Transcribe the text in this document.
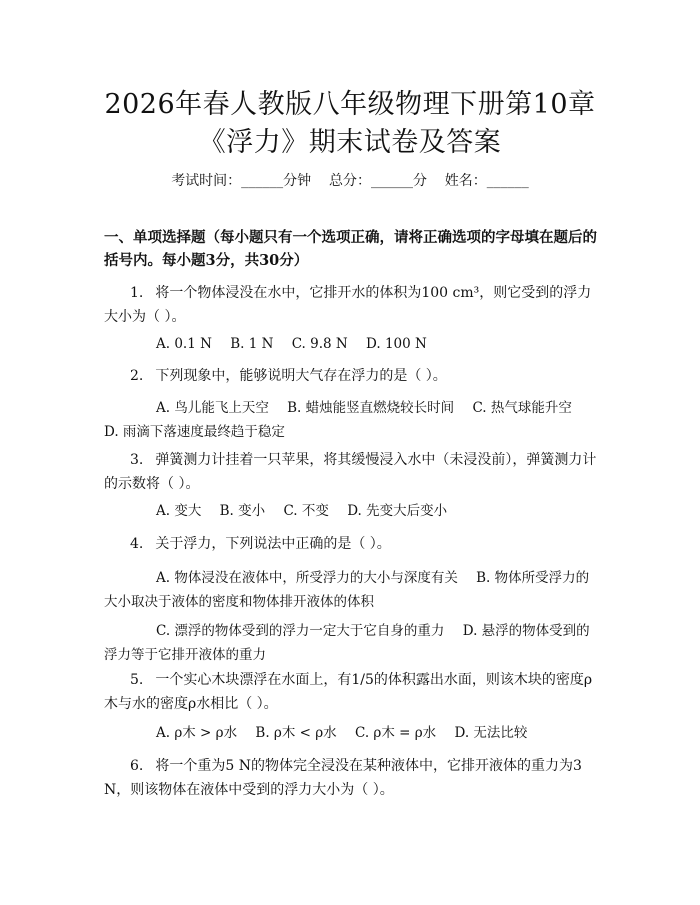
2026年春人教版八年级物理下册第10章
《浮力》期末试卷及答案
考试时间：______分钟    总分：______分    姓名：______

一、单项选择题（每小题只有一个选项正确，请将正确选项的字母填在题后的括号内。每小题3分，共30分）

1. 将一个物体浸没在水中，它排开水的体积为100 cm³，则它受到的浮力大小为（ ）。

A. 0.1 N B. 1 N C. 9.8 N D. 100 N

2. 下列现象中，能够说明大气存在浮力的是（ ）。

A. 鸟儿能飞上天空 B. 蜡烛能竖直燃烧较长时间 C. 热气球能升空 D. 雨滴下落速度最终趋于稳定

3. 弹簧测力计挂着一只苹果，将其缓慢浸入水中（未浸没前），弹簧测力计的示数将（ ）。

A. 变大 B. 变小 C. 不变 D. 先变大后变小

4. 关于浮力，下列说法中正确的是（ ）。

A. 物体浸没在液体中，所受浮力的大小与深度有关 B. 物体所受浮力的大小取决于液体的密度和物体排开液体的体积

C. 漂浮的物体受到的浮力一定大于它自身的重力 D. 悬浮的物体受到的浮力等于它排开液体的重力

5. 一个实心木块漂浮在水面上，有1/5的体积露出水面，则该木块的密度ρ木与水的密度ρ水相比（ ）。

A. ρ木 > ρ水 B. ρ木 < ρ水 C. ρ木 = ρ水 D. 无法比较

6. 将一个重为5 N的物体完全浸没在某种液体中，它排开液体的重力为3 N，则该物体在液体中受到的浮力大小为（ ）。
